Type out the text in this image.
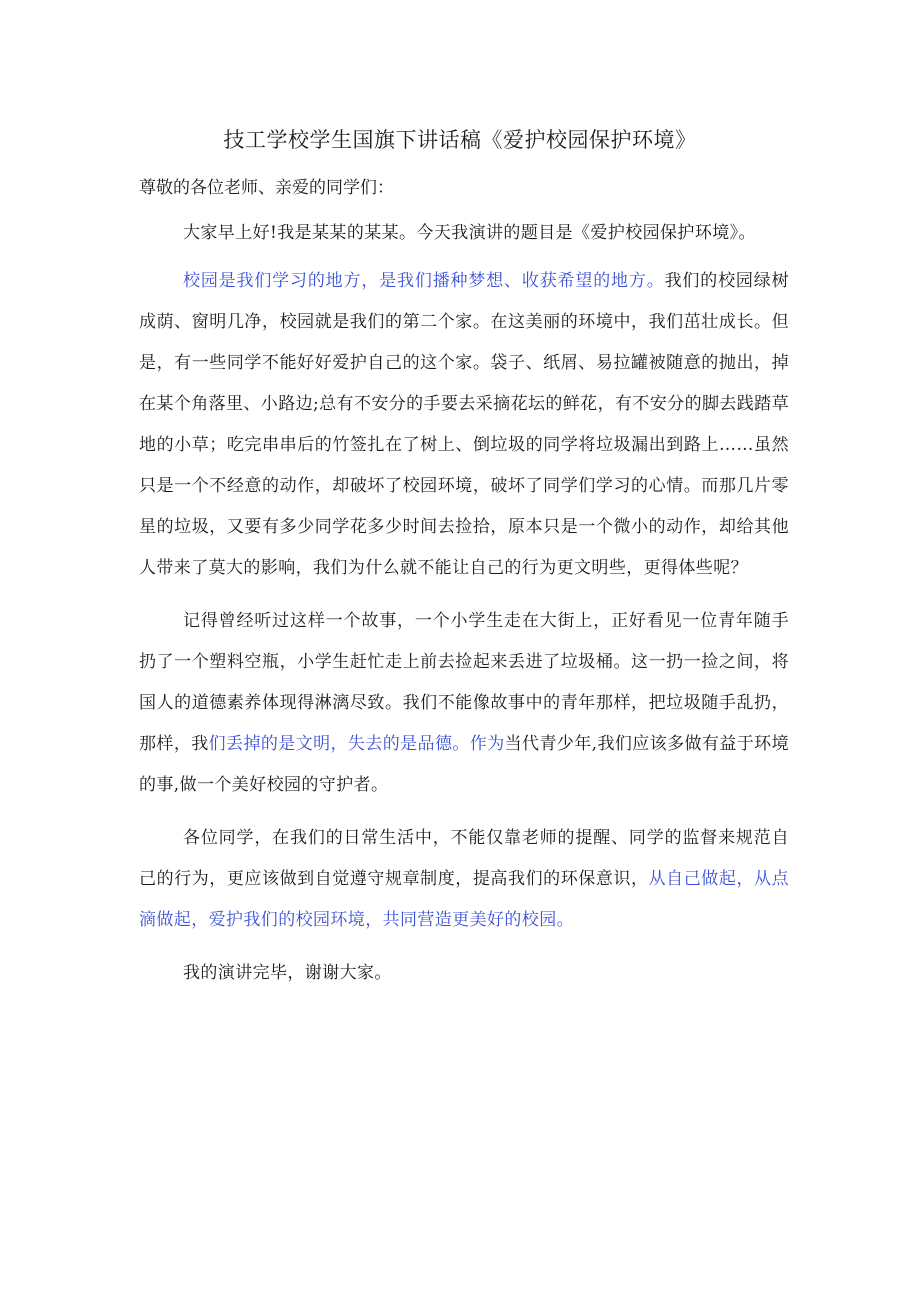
技工学校学生国旗下讲话稿《爱护校园保护环境》

尊敬的各位老师、亲爱的同学们：

大家早上好!我是某某的某某。今天我演讲的题目是《爱护校园保护环境》。

校园是我们学习的地方，是我们播种梦想、收获希望的地方。我们的校园绿树成荫、窗明几净，校园就是我们的第二个家。在这美丽的环境中，我们茁壮成长。但是，有一些同学不能好好爱护自己的这个家。袋子、纸屑、易拉罐被随意的抛出，掉在某个角落里、小路边;总有不安分的手要去采摘花坛的鲜花，有不安分的脚去践踏草地的小草；吃完串串后的竹签扎在了树上、倒垃圾的同学将垃圾漏出到路上……虽然只是一个不经意的动作，却破坏了校园环境，破坏了同学们学习的心情。而那几片零星的垃圾，又要有多少同学花多少时间去捡拾，原本只是一个微小的动作，却给其他人带来了莫大的影响，我们为什么就不能让自己的行为更文明些，更得体些呢？

记得曾经听过这样一个故事，一个小学生走在大街上，正好看见一位青年随手扔了一个塑料空瓶，小学生赶忙走上前去捡起来丢进了垃圾桶。这一扔一捡之间，将国人的道德素养体现得淋漓尽致。我们不能像故事中的青年那样，把垃圾随手乱扔，那样，我们丢掉的是文明，失去的是品德。作为当代青少年,我们应该多做有益于环境的事,做一个美好校园的守护者。

各位同学，在我们的日常生活中，不能仅靠老师的提醒、同学的监督来规范自己的行为，更应该做到自觉遵守规章制度，提高我们的环保意识，从自己做起，从点滴做起，爱护我们的校园环境，共同营造更美好的校园。

我的演讲完毕，谢谢大家。
